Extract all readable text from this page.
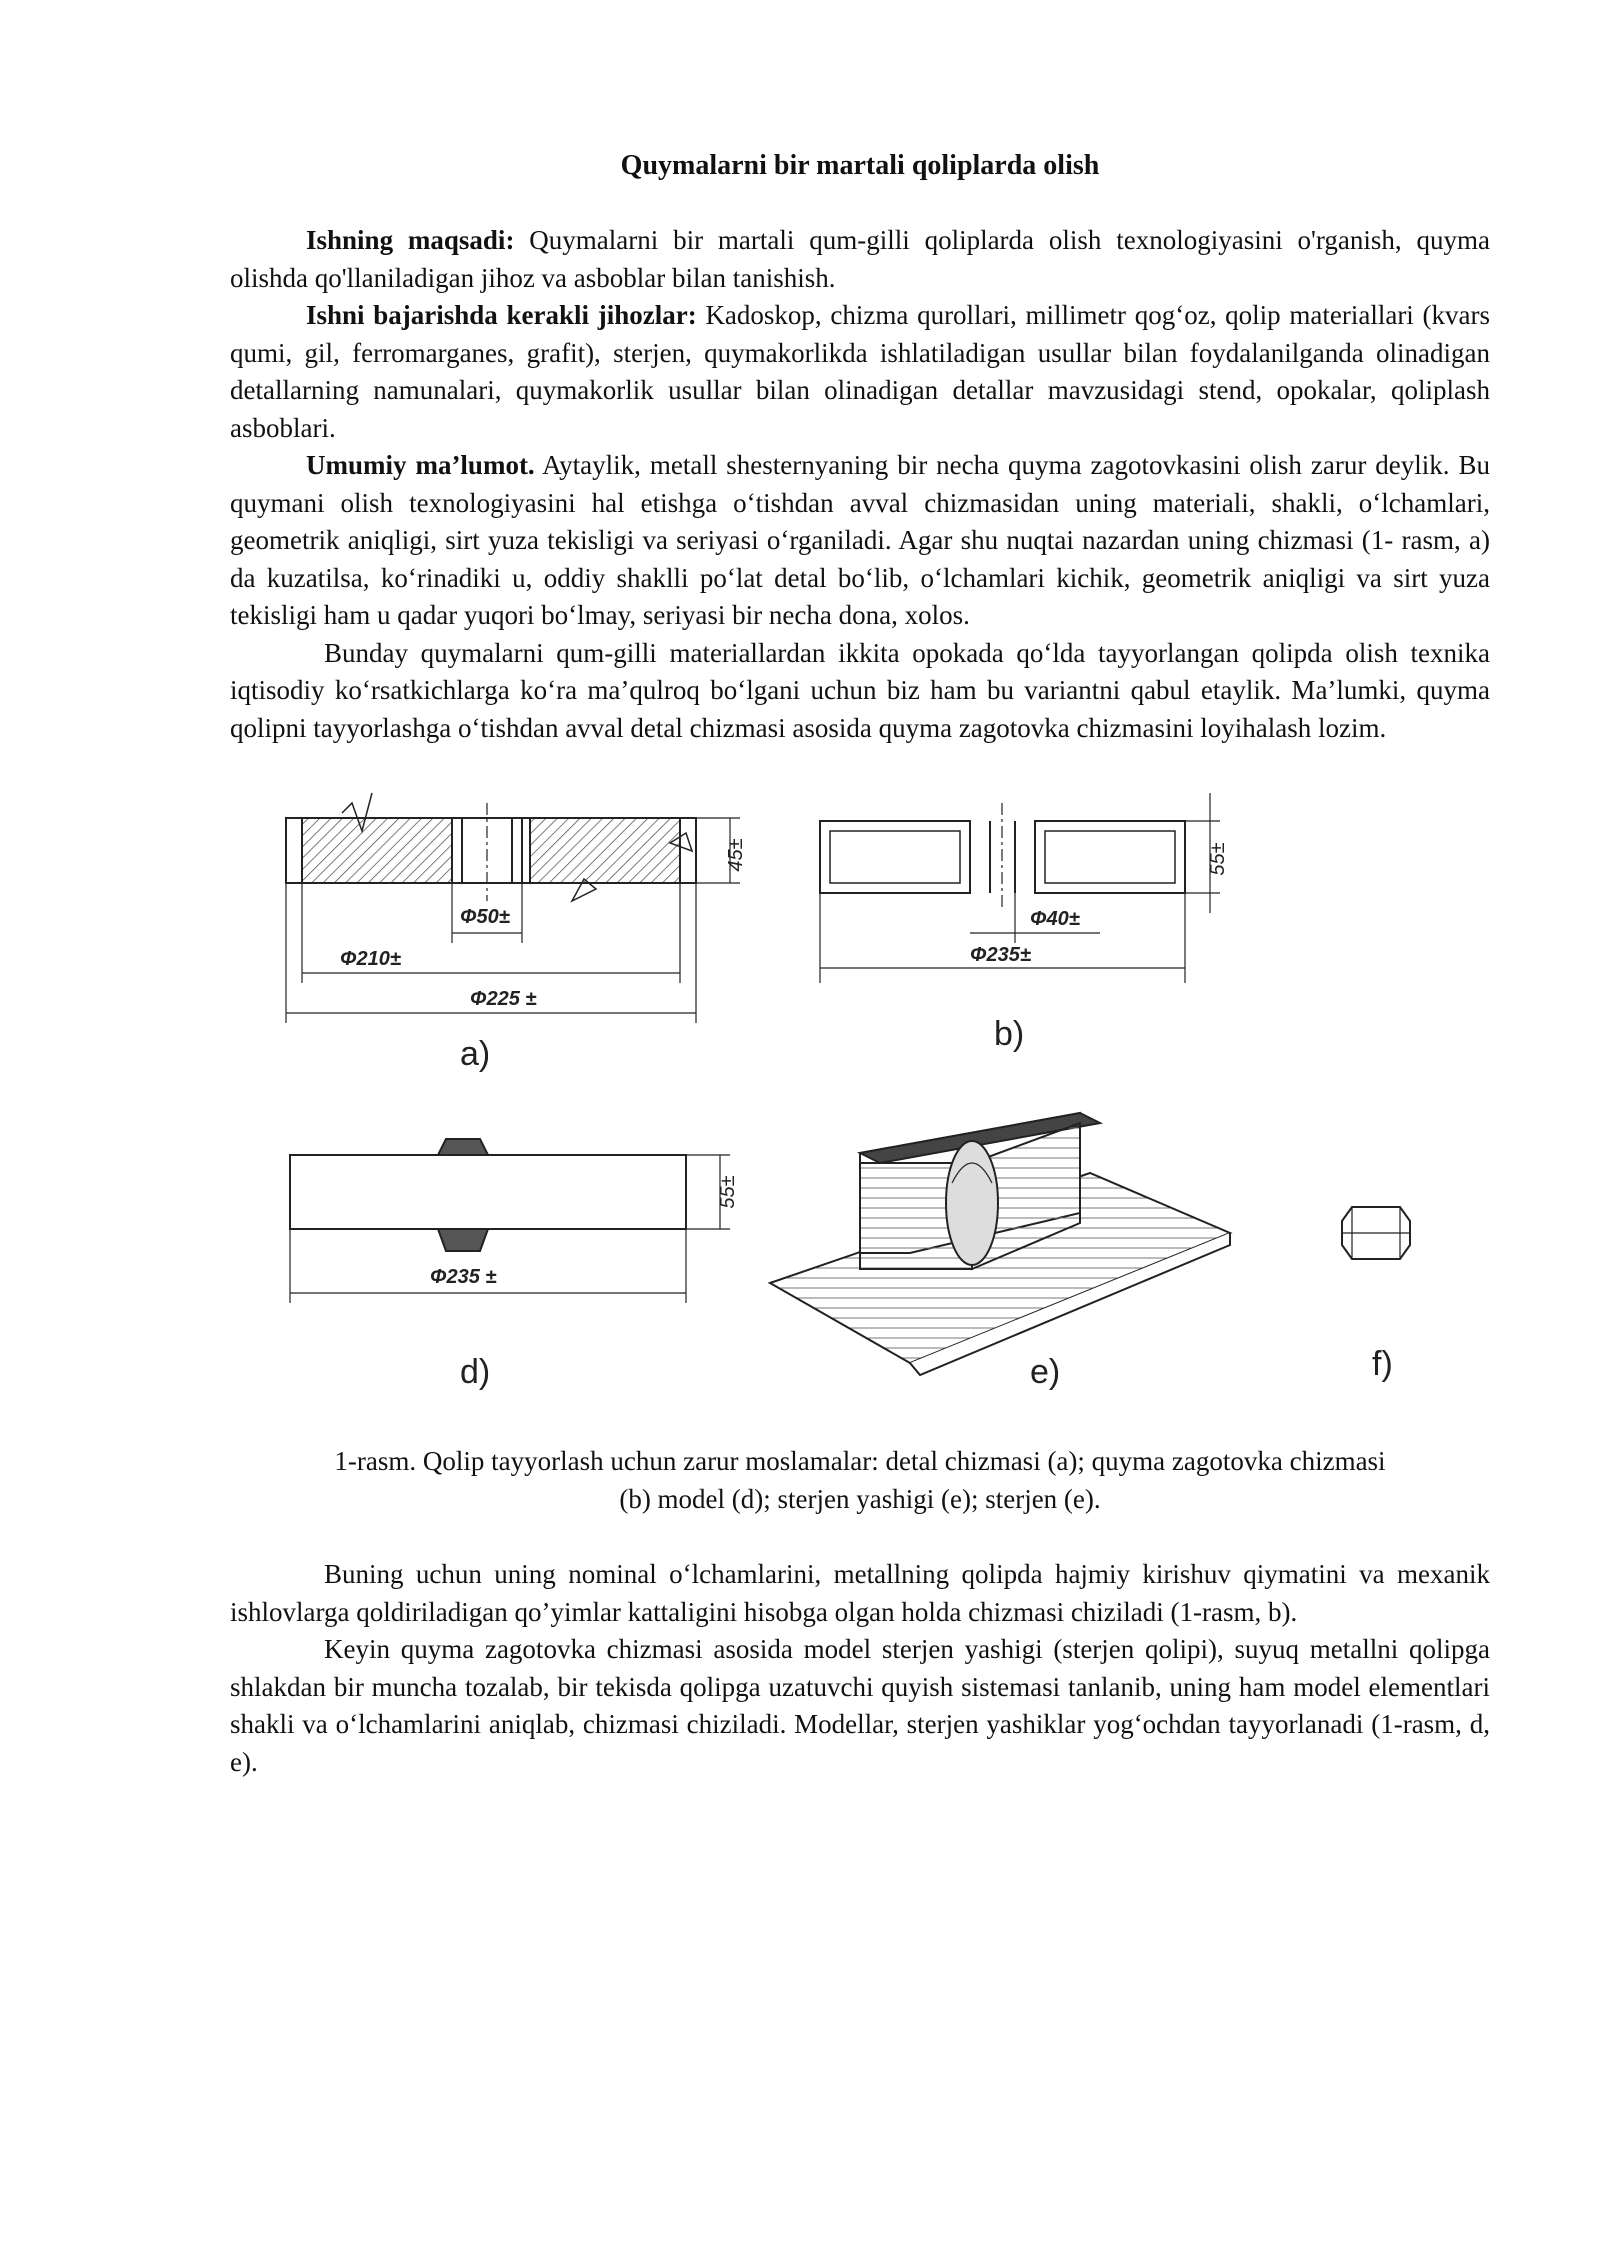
Quymalarni bir martali qoliplarda olish

Ishning maqsadi: Quymalarni bir martali qum-gilli qoliplarda olish texnologiyasini o'rganish, quyma olishda qo'llaniladigan jihoz va asboblar bilan tanishish.

Ishni bajarishda kerakli jihozlar: Kadoskop, chizma qurollari, millimetr qog‘oz, qolip materiallari (kvars qumi, gil, ferromarganes, grafit), sterjen, quymakorlikda ishlatiladigan usullar bilan foydalanilganda olinadigan detallarning namunalari, quymakorlik usullar bilan olinadigan detallar mavzusidagi stend, opokalar, qoliplash asboblari.

Umumiy ma’lumot. Aytaylik, metall shesternyaning bir necha quyma zagotovkasini olish zarur deylik. Bu quymani olish texnologiyasini hal etishga o‘tishdan avval chizmasidan uning materiali, shakli, o‘lchamlari, geometrik aniqligi, sirt yuza tekisligi va seriyasi o‘rganiladi. Agar shu nuqtai nazardan uning chizmasi (1- rasm, a) da kuzatilsa, ko‘rinadiki u, oddiy shaklli po‘lat detal bo‘lib, o‘lchamlari kichik, geometrik aniqligi va sirt yuza tekisligi ham u qadar yuqori bo‘lmay, seriyasi bir necha dona, xolos.

Bunday quymalarni qum-gilli materiallardan ikkita opokada qo‘lda tayyorlangan qolipda olish texnika iqtisodiy ko‘rsatkichlarga ko‘ra ma’qulroq bo‘lgani uchun biz ham bu variantni qabul etaylik. Ma’lumki, quyma qolipni tayyorlashga o‘tishdan avval detal chizmasi asosida quyma zagotovka chizmasini loyihalash lozim.

45±
Φ50±
Φ210±
Φ225 ±
a)
55±
Φ40±
Φ235±
b)
55±
Φ235 ±
d)	e)	f)
1-rasm. Qolip tayyorlash uchun zarur moslamalar: detal chizmasi (a); quyma zagotovka chizmasi
(b) model (d); sterjen yashigi (e); sterjen (e).

Buning uchun uning nominal o‘lchamlarini, metallning qolipda hajmiy kirishuv qiymatini va mexanik ishlovlarga qoldiriladigan qo’yimlar kattaligini hisobga olgan holda chizmasi chiziladi (1-rasm, b).

Keyin quyma zagotovka chizmasi asosida model sterjen yashigi (sterjen qolipi), suyuq metallni qolipga shlakdan bir muncha tozalab, bir tekisda qolipga uzatuvchi quyish sistemasi tanlanib, uning ham model elementlari shakli va o‘lchamlarini aniqlab, chizmasi chiziladi. Modellar, sterjen yashiklar yog‘ochdan tayyorlanadi (1-rasm, d, e).
